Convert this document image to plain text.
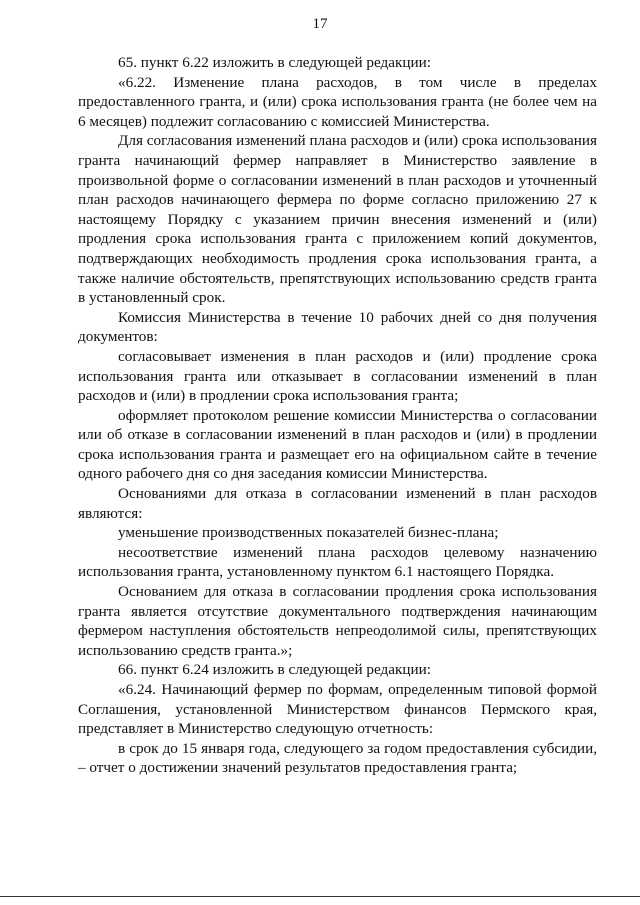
17

65. пункт 6.22 изложить в следующей редакции:

«6.22. Изменение плана расходов, в том числе в пределах предоставленного гранта, и (или) срока использования гранта (не более чем на 6 месяцев) подлежит согласованию с комиссией Министерства.

Для согласования изменений плана расходов и (или) срока использования гранта начинающий фермер направляет в Министерство заявление в произвольной форме о согласовании изменений в план расходов и уточненный план расходов начинающего фермера по форме согласно приложению 27 к настоящему Порядку с указанием причин внесения изменений и (или) продления срока использования гранта с приложением копий документов, подтверждающих необходимость продления срока использования гранта, а также наличие обстоятельств, препятствующих использованию средств гранта в установленный срок.

Комиссия Министерства в течение 10 рабочих дней со дня получения документов:

согласовывает изменения в план расходов и (или) продление срока использования гранта или отказывает в согласовании изменений в план расходов и (или) в продлении срока использования гранта;

оформляет протоколом решение комиссии Министерства о согласовании или об отказе в согласовании изменений в план расходов и (или) в продлении срока использования гранта и размещает его на официальном сайте в течение одного рабочего дня со дня заседания комиссии Министерства.

Основаниями для отказа в согласовании изменений в план расходов являются:

уменьшение производственных показателей бизнес-плана;

несоответствие изменений плана расходов целевому назначению использования гранта, установленному пунктом 6.1 настоящего Порядка.

Основанием для отказа в согласовании продления срока использования гранта является отсутствие документального подтверждения начинающим фермером наступления обстоятельств непреодолимой силы, препятствующих использованию средств гранта.»;

66. пункт 6.24 изложить в следующей редакции:

«6.24. Начинающий фермер по формам, определенным типовой формой Соглашения, установленной Министерством финансов Пермского края, представляет в Министерство следующую отчетность:

в срок до 15 января года, следующего за годом предоставления субсидии, – отчет о достижении значений результатов предоставления гранта;
